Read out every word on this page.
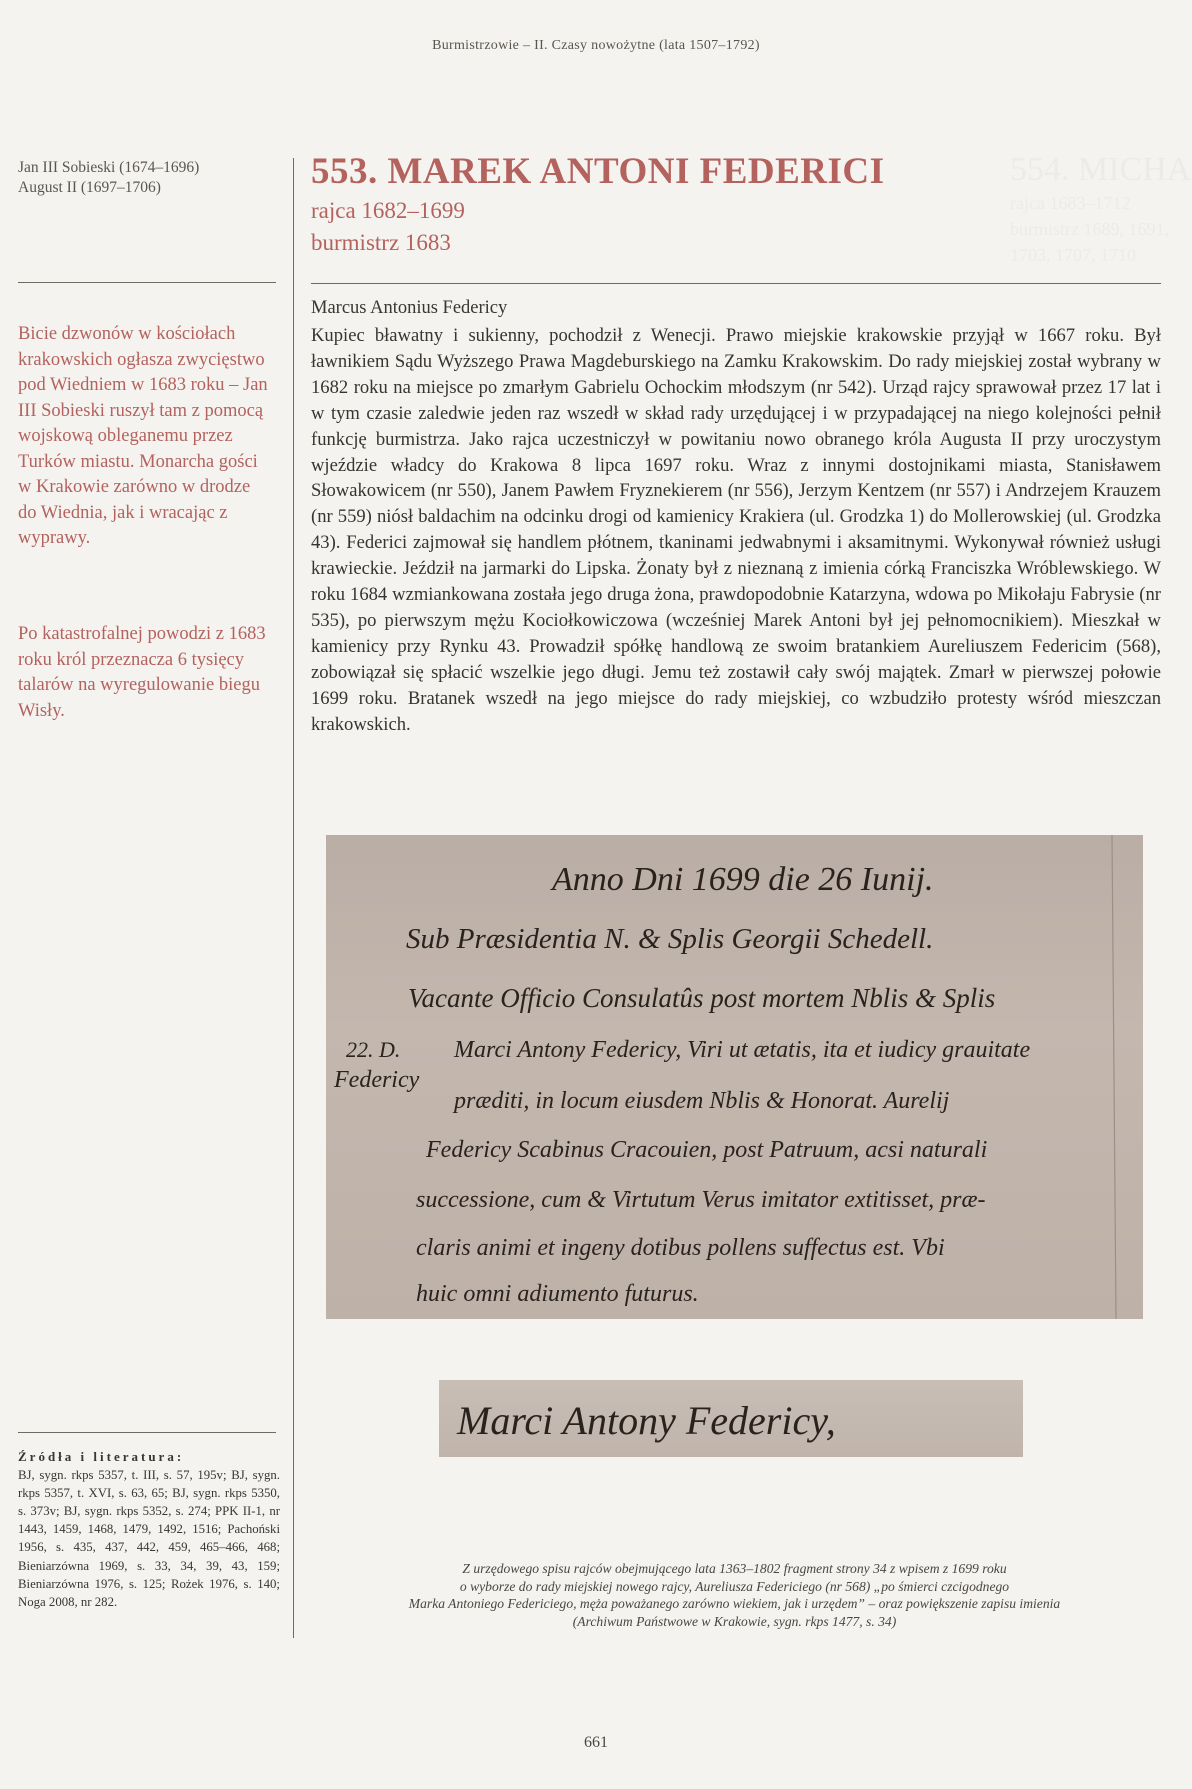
Burmistrzowie – II. Czasy nowożytne (lata 1507–1792)
Jan III Sobieski (1674–1696)
August II (1697–1706)
Bicie dzwonów w kościołach krakowskich ogłasza zwycięstwo pod Wiedniem w 1683 roku – Jan III Sobieski ruszył tam z pomocą wojskową obleganemu przez Turków miastu. Monarcha gości w Krakowie zarówno w drodze do Wiednia, jak i wracając z wyprawy.
Po katastrofalnej powodzi z 1683 roku król przeznacza 6 tysięcy talarów na wyregulowanie biegu Wisły.
Źródła i literatura:
BJ, sygn. rkps 5357, t. III, s. 57, 195v; BJ, sygn. rkps 5357, t. XVI, s. 63, 65; BJ, sygn. rkps 5350, s. 373v; BJ, sygn. rkps 5352, s. 274; PPK II-1, nr 1443, 1459, 1468, 1479, 1492, 1516; Pachoński 1956, s. 435, 437, 442, 459, 465–466, 468; Bieniarzówna 1969, s. 33, 34, 39, 43, 159; Bieniarzówna 1976, s. 125; Rożek 1976, s. 140; Noga 2008, nr 282.
554. MICHA
rajca 1683–1712
burmistrz 1689, 1691,
1703, 1707, 1710
553. MAREK ANTONI FEDERICI
rajca 1682–1699
burmistrz 1683
Marcus Antonius Federicy

Kupiec bławatny i sukienny, pochodził z Wenecji. Prawo miejskie krakowskie przyjął w 1667 roku. Był ławnikiem Sądu Wyższego Prawa Magdeburskiego na Zamku Krakowskim. Do rady miejskiej został wybrany w 1682 roku na miejsce po zmarłym Gabrielu Ochockim młodszym (nr 542). Urząd rajcy sprawował przez 17 lat i w tym czasie zaledwie jeden raz wszedł w skład rady urzędującej i w przypadającej na niego kolejności pełnił funkcję burmistrza. Jako rajca uczestniczył w powitaniu nowo obranego króla Augusta II przy uroczystym wjeździe władcy do Krakowa 8 lipca 1697 roku. Wraz z innymi dostojnikami miasta, Stanisławem Słowakowicem (nr 550), Janem Pawłem Fryznekierem (nr 556), Jerzym Kentzem (nr 557) i Andrzejem Krauzem (nr 559) niósł baldachim na odcinku drogi od kamienicy Krakiera (ul. Grodzka 1) do Mollerowskiej (ul. Grodzka 43). Federici zajmował się handlem płótnem, tkaninami jedwabnymi i aksamitnymi. Wykonywał również usługi krawieckie. Jeździł na jarmarki do Lipska. Żonaty był z nieznaną z imienia córką Franciszka Wróblewskiego. W roku 1684 wzmiankowana została jego druga żona, prawdopodobnie Katarzyna, wdowa po Mikołaju Fabrysie (nr 535), po pierwszym mężu Kociołkowiczowa (wcześniej Marek Antoni był jej pełnomocnikiem). Mieszkał w kamienicy przy Rynku 43. Prowadził spółkę handlową ze swoim bratankiem Aureliuszem Federicim (568), zobowiązał się spłacić wszelkie jego długi. Jemu też zostawił cały swój majątek. Zmarł w pierwszej połowie 1699 roku. Bratanek wszedł na jego miejsce do rady miejskiej, co wzbudziło protesty wśród mieszczan krakowskich.

Anno Dni 1699 die 26 Iunij.
Sub Præsidentia N. & Splis Georgii Schedell.
Vacante Officio Consulatûs post mortem Nblis & Splis
22. D.
Federicy
Marci Antony Federicy, Viri ut ætatis, ita et iudicy grauitate
præditi, in locum eiusdem Nblis & Honorat. Aurelij
Federicy Scabinus Cracouien, post Patruum, acsi naturali
successione, cum & Virtutum Verus imitator extitisset, præ-
claris animi et ingeny dotibus pollens suffectus est. Vbi
huic omni adiumento futurus.
Marci Antony Federicy,
Z urzędowego spisu rajców obejmującego lata 1363–1802 fragment strony 34 z wpisem z 1699 roku
o wyborze do rady miejskiej nowego rajcy, Aureliusza Federiciego (nr 568) „po śmierci czcigodnego
Marka Antoniego Federiciego, męża poważanego zarówno wiekiem, jak i urzędem” – oraz powiększenie zapisu imienia
(Archiwum Państwowe w Krakowie, sygn. rkps 1477, s. 34)
661
